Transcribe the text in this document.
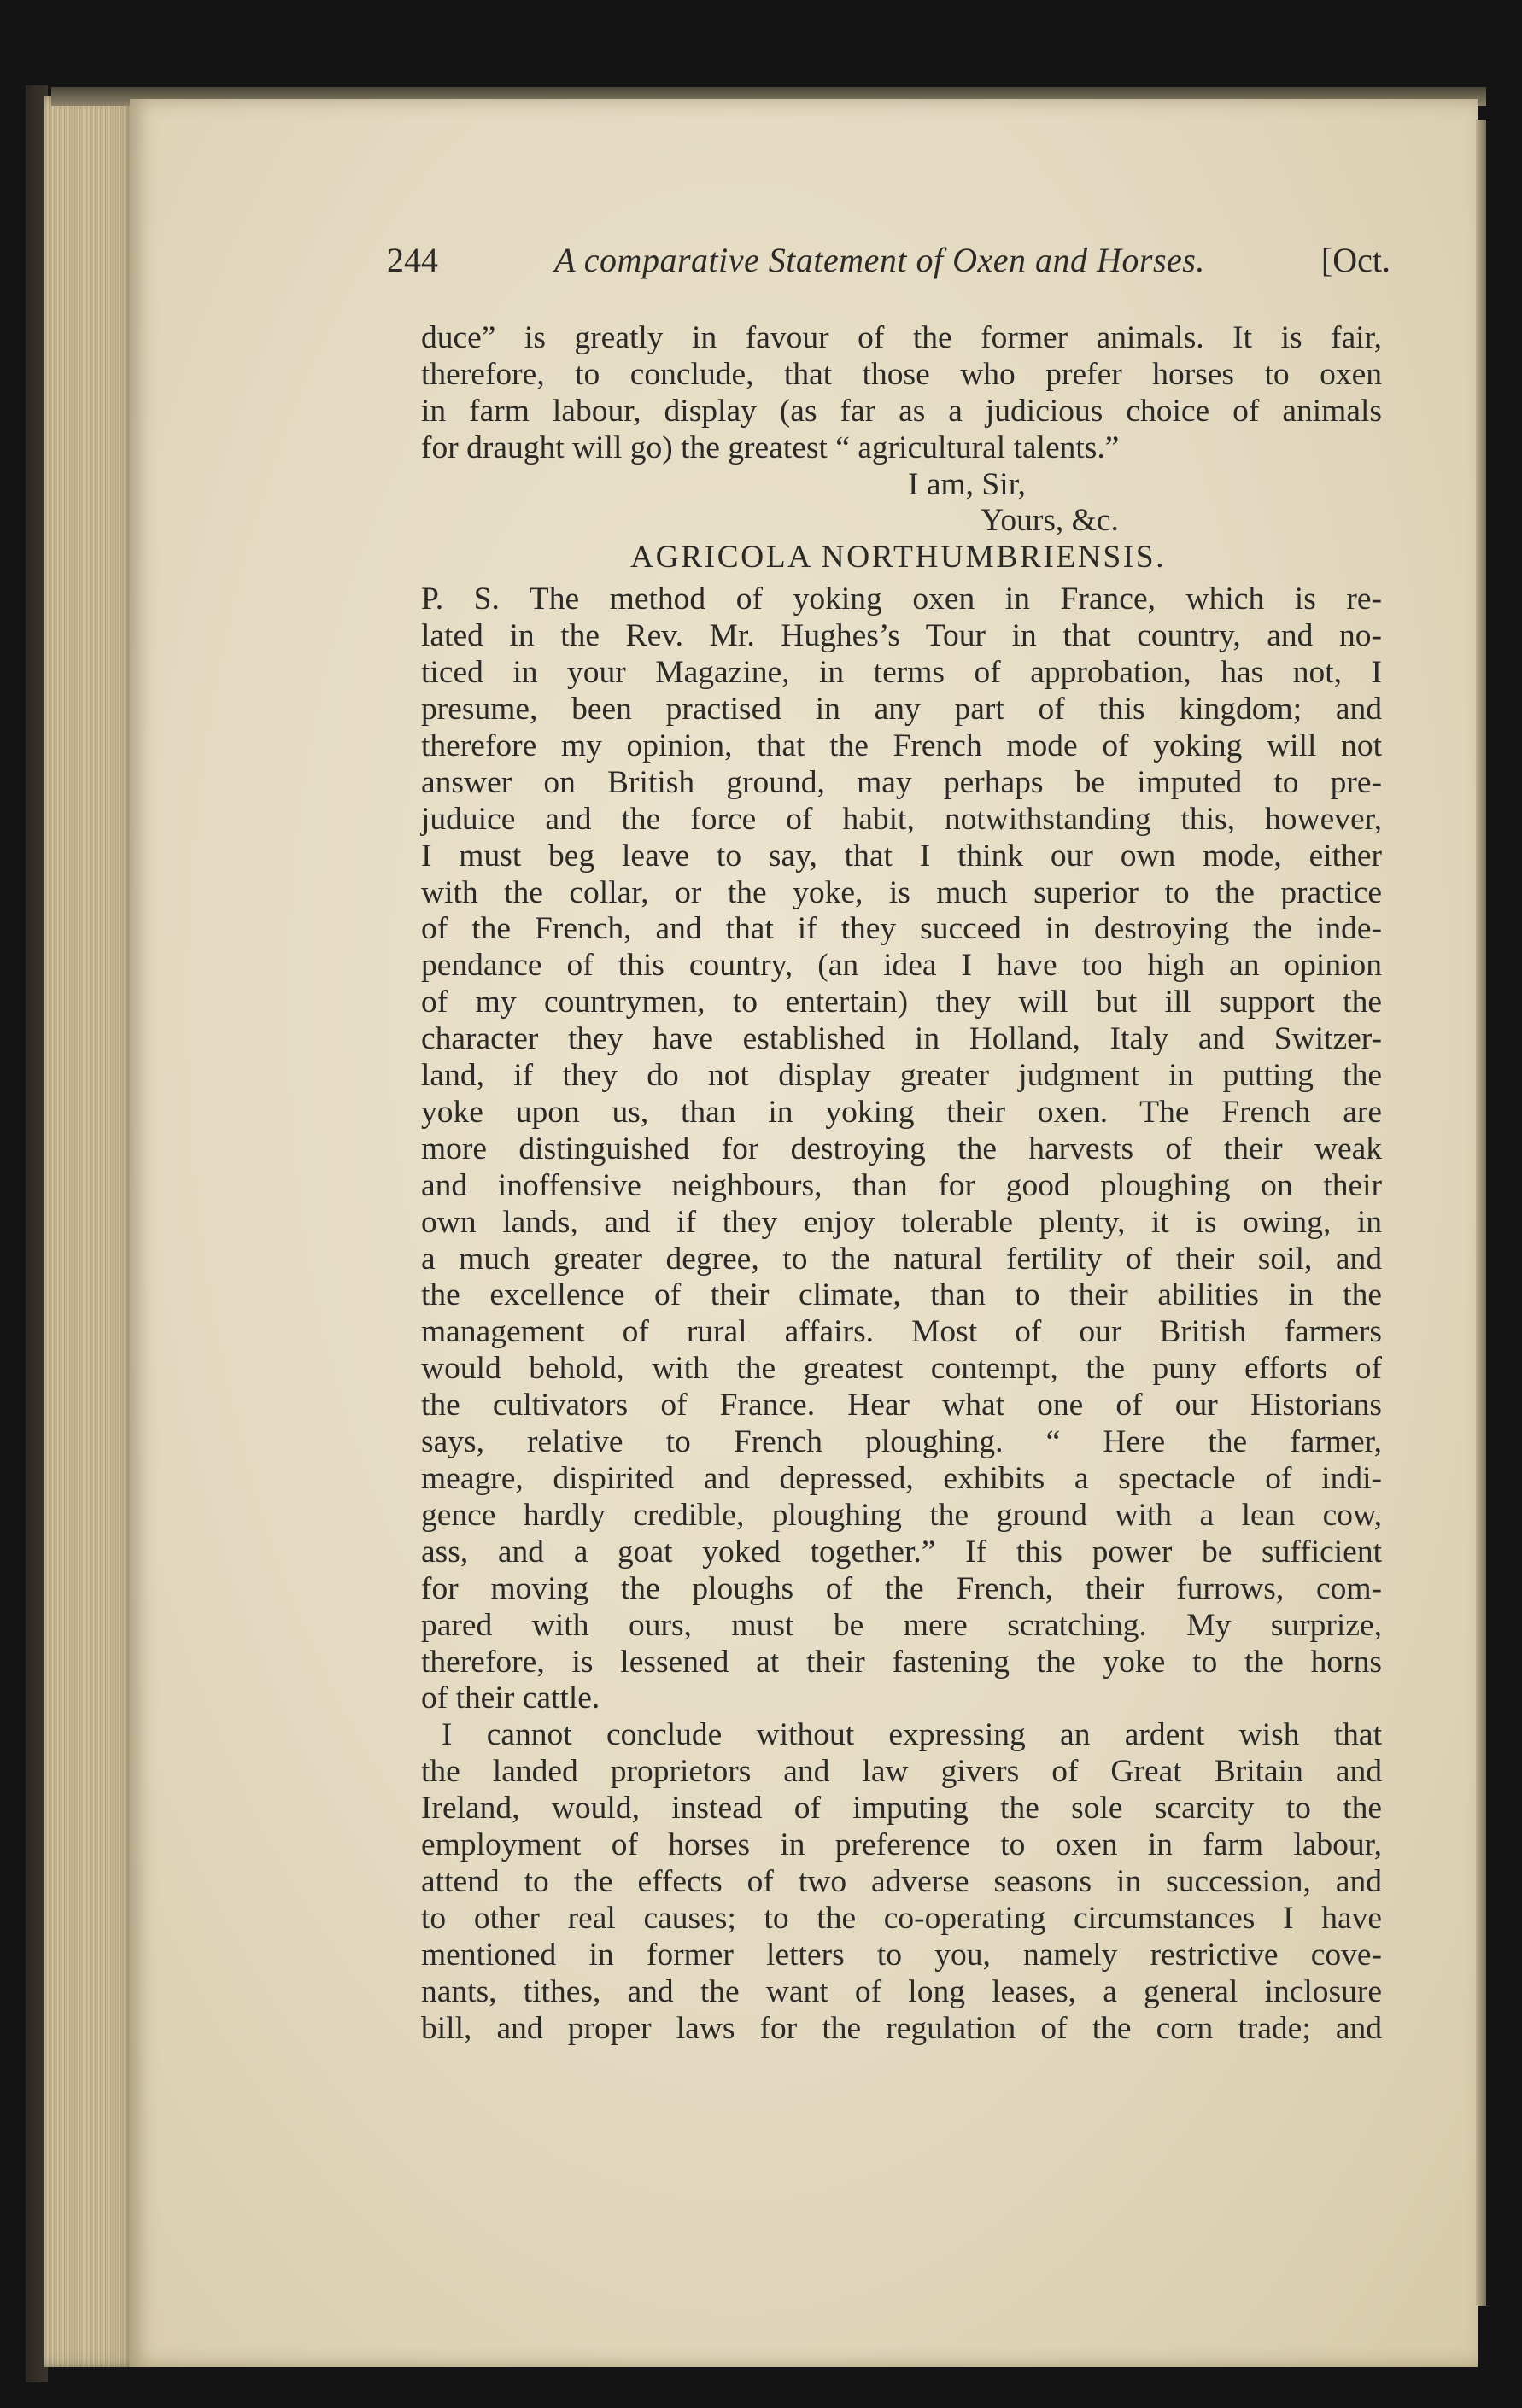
244	A comparative Statement of Oxen and Horses.	[Oct.
duce” is greatly in favour of the former animals. It is fair,
therefore, to conclude, that those who prefer horses to oxen
in farm labour, display (as far as a judicious choice of animals
for draught will go) the greatest “ agricultural talents.”
I am, Sir,
Yours, &c.
AGRICOLA NORTHUMBRIENSIS.
P. S. The method of yoking oxen in France, which is re-
lated in the Rev. Mr. Hughes’s Tour in that country, and no-
ticed in your Magazine, in terms of approbation, has not, I
presume, been practised in any part of this kingdom; and
therefore my opinion, that the French mode of yoking will not
answer on British ground, may perhaps be imputed to pre-
juduice and the force of habit, notwithstanding this, however,
I must beg leave to say, that I think our own mode, either
with the collar, or the yoke, is much superior to the practice
of the French, and that if they succeed in destroying the inde-
pendance of this country, (an idea I have too high an opinion
of my countrymen, to entertain) they will but ill support the
character they have established in Holland, Italy and Switzer-
land, if they do not display greater judgment in putting the
yoke upon us, than in yoking their oxen. The French are
more distinguished for destroying the harvests of their weak
and inoffensive neighbours, than for good ploughing on their
own lands, and if they enjoy tolerable plenty, it is owing, in
a much greater degree, to the natural fertility of their soil, and
the excellence of their climate, than to their abilities in the
management of rural affairs. Most of our British farmers
would behold, with the greatest contempt, the puny efforts of
the cultivators of France. Hear what one of our Historians
says, relative to French ploughing. “ Here the farmer,
meagre, dispirited and depressed, exhibits a spectacle of indi-
gence hardly credible, ploughing the ground with a lean cow,
ass, and a goat yoked together.” If this power be sufficient
for moving the ploughs of the French, their furrows, com-
pared with ours, must be mere scratching. My surprize,
therefore, is lessened at their fastening the yoke to the horns
of their cattle.
I cannot conclude without expressing an ardent wish that
the landed proprietors and law givers of Great Britain and
Ireland, would, instead of imputing the sole scarcity to the
employment of horses in preference to oxen in farm labour,
attend to the effects of two adverse seasons in succession, and
to other real causes; to the co-operating circumstances I have
mentioned in former letters to you, namely restrictive cove-
nants, tithes, and the want of long leases, a general inclosure
bill, and proper laws for the regulation of the corn trade; and
